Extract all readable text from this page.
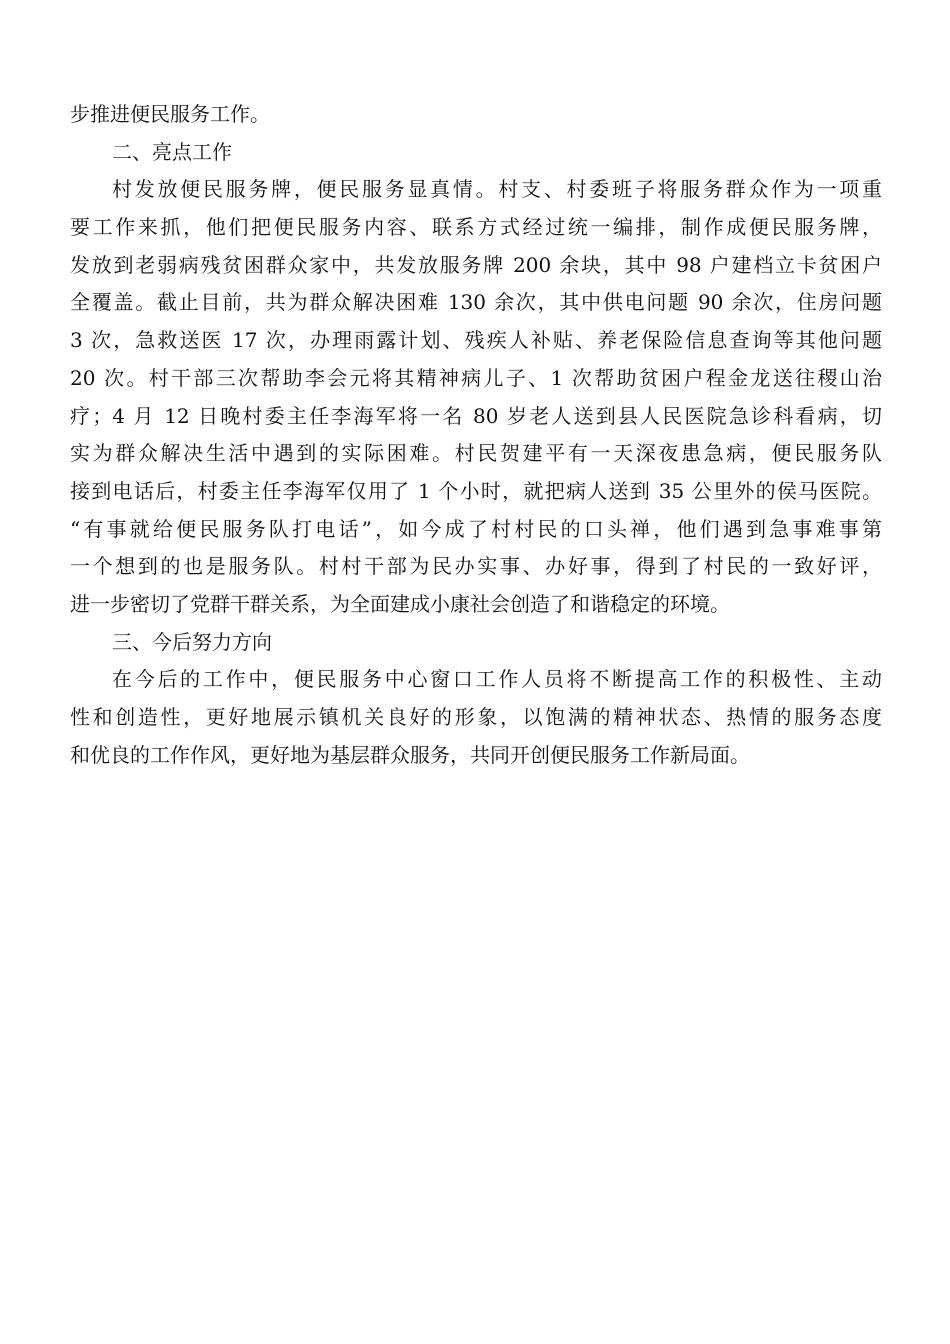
步推进便民服务工作。
二、亮点工作
村发放便民服务牌，便民服务显真情。村支、村委班子将服务群众作为一项重
要工作来抓，他们把便民服务内容、联系方式经过统一编排，制作成便民服务牌，
发放到老弱病残贫困群众家中，共发放服务牌 200 余块，其中 98 户建档立卡贫困户
全覆盖。截止目前，共为群众解决困难 130 余次，其中供电问题 90 余次，住房问题
3 次，急救送医 17 次，办理雨露计划、残疾人补贴、养老保险信息查询等其他问题
20 次。村干部三次帮助李会元将其精神病儿子、1 次帮助贫困户程金龙送往稷山治
疗；4 月 12 日晚村委主任李海军将一名 80 岁老人送到县人民医院急诊科看病，切
实为群众解决生活中遇到的实际困难。村民贺建平有一天深夜患急病，便民服务队
接到电话后，村委主任李海军仅用了 1 个小时，就把病人送到 35 公里外的侯马医院。
“有事就给便民服务队打电话”，如今成了村村民的口头禅，他们遇到急事难事第
一个想到的也是服务队。村村干部为民办实事、办好事，得到了村民的一致好评，
进一步密切了党群干群关系，为全面建成小康社会创造了和谐稳定的环境。
三、今后努力方向
在今后的工作中，便民服务中心窗口工作人员将不断提高工作的积极性、主动
性和创造性，更好地展示镇机关良好的形象，以饱满的精神状态、热情的服务态度
和优良的工作作风，更好地为基层群众服务，共同开创便民服务工作新局面。
